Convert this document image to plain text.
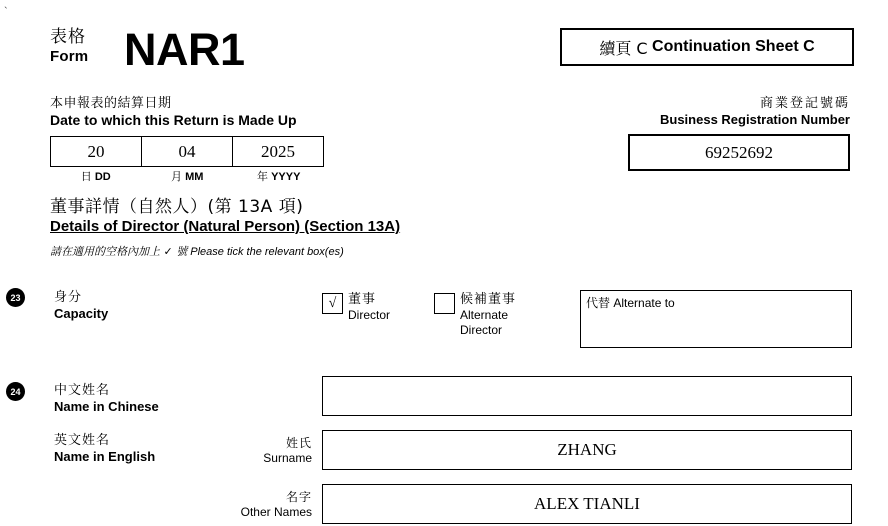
`
表格
Form NAR1	續頁 C
Continuation Sheet C
本申報表的結算日期
Date to which this Return is Made Up
商業登記號碼
Business Registration Number
20	04	2025
日 DD	月 MM	年 YYYY
69252692
董事詳情（自然人）(第 13A 項)
Details of Director (Natural Person) (Section 13A)
請在適用的空格內加上 ✓ 號 Please tick the relevant box(es)
23	身分
Capacity
√ 董事
Director
候補董事
Alternate
Director
代替 Alternate to
24	中文姓名
Name in Chinese
英文姓名
Name in English
姓氏
Surname	ZHANG
名字
Other Names	ALEX TIANLI
